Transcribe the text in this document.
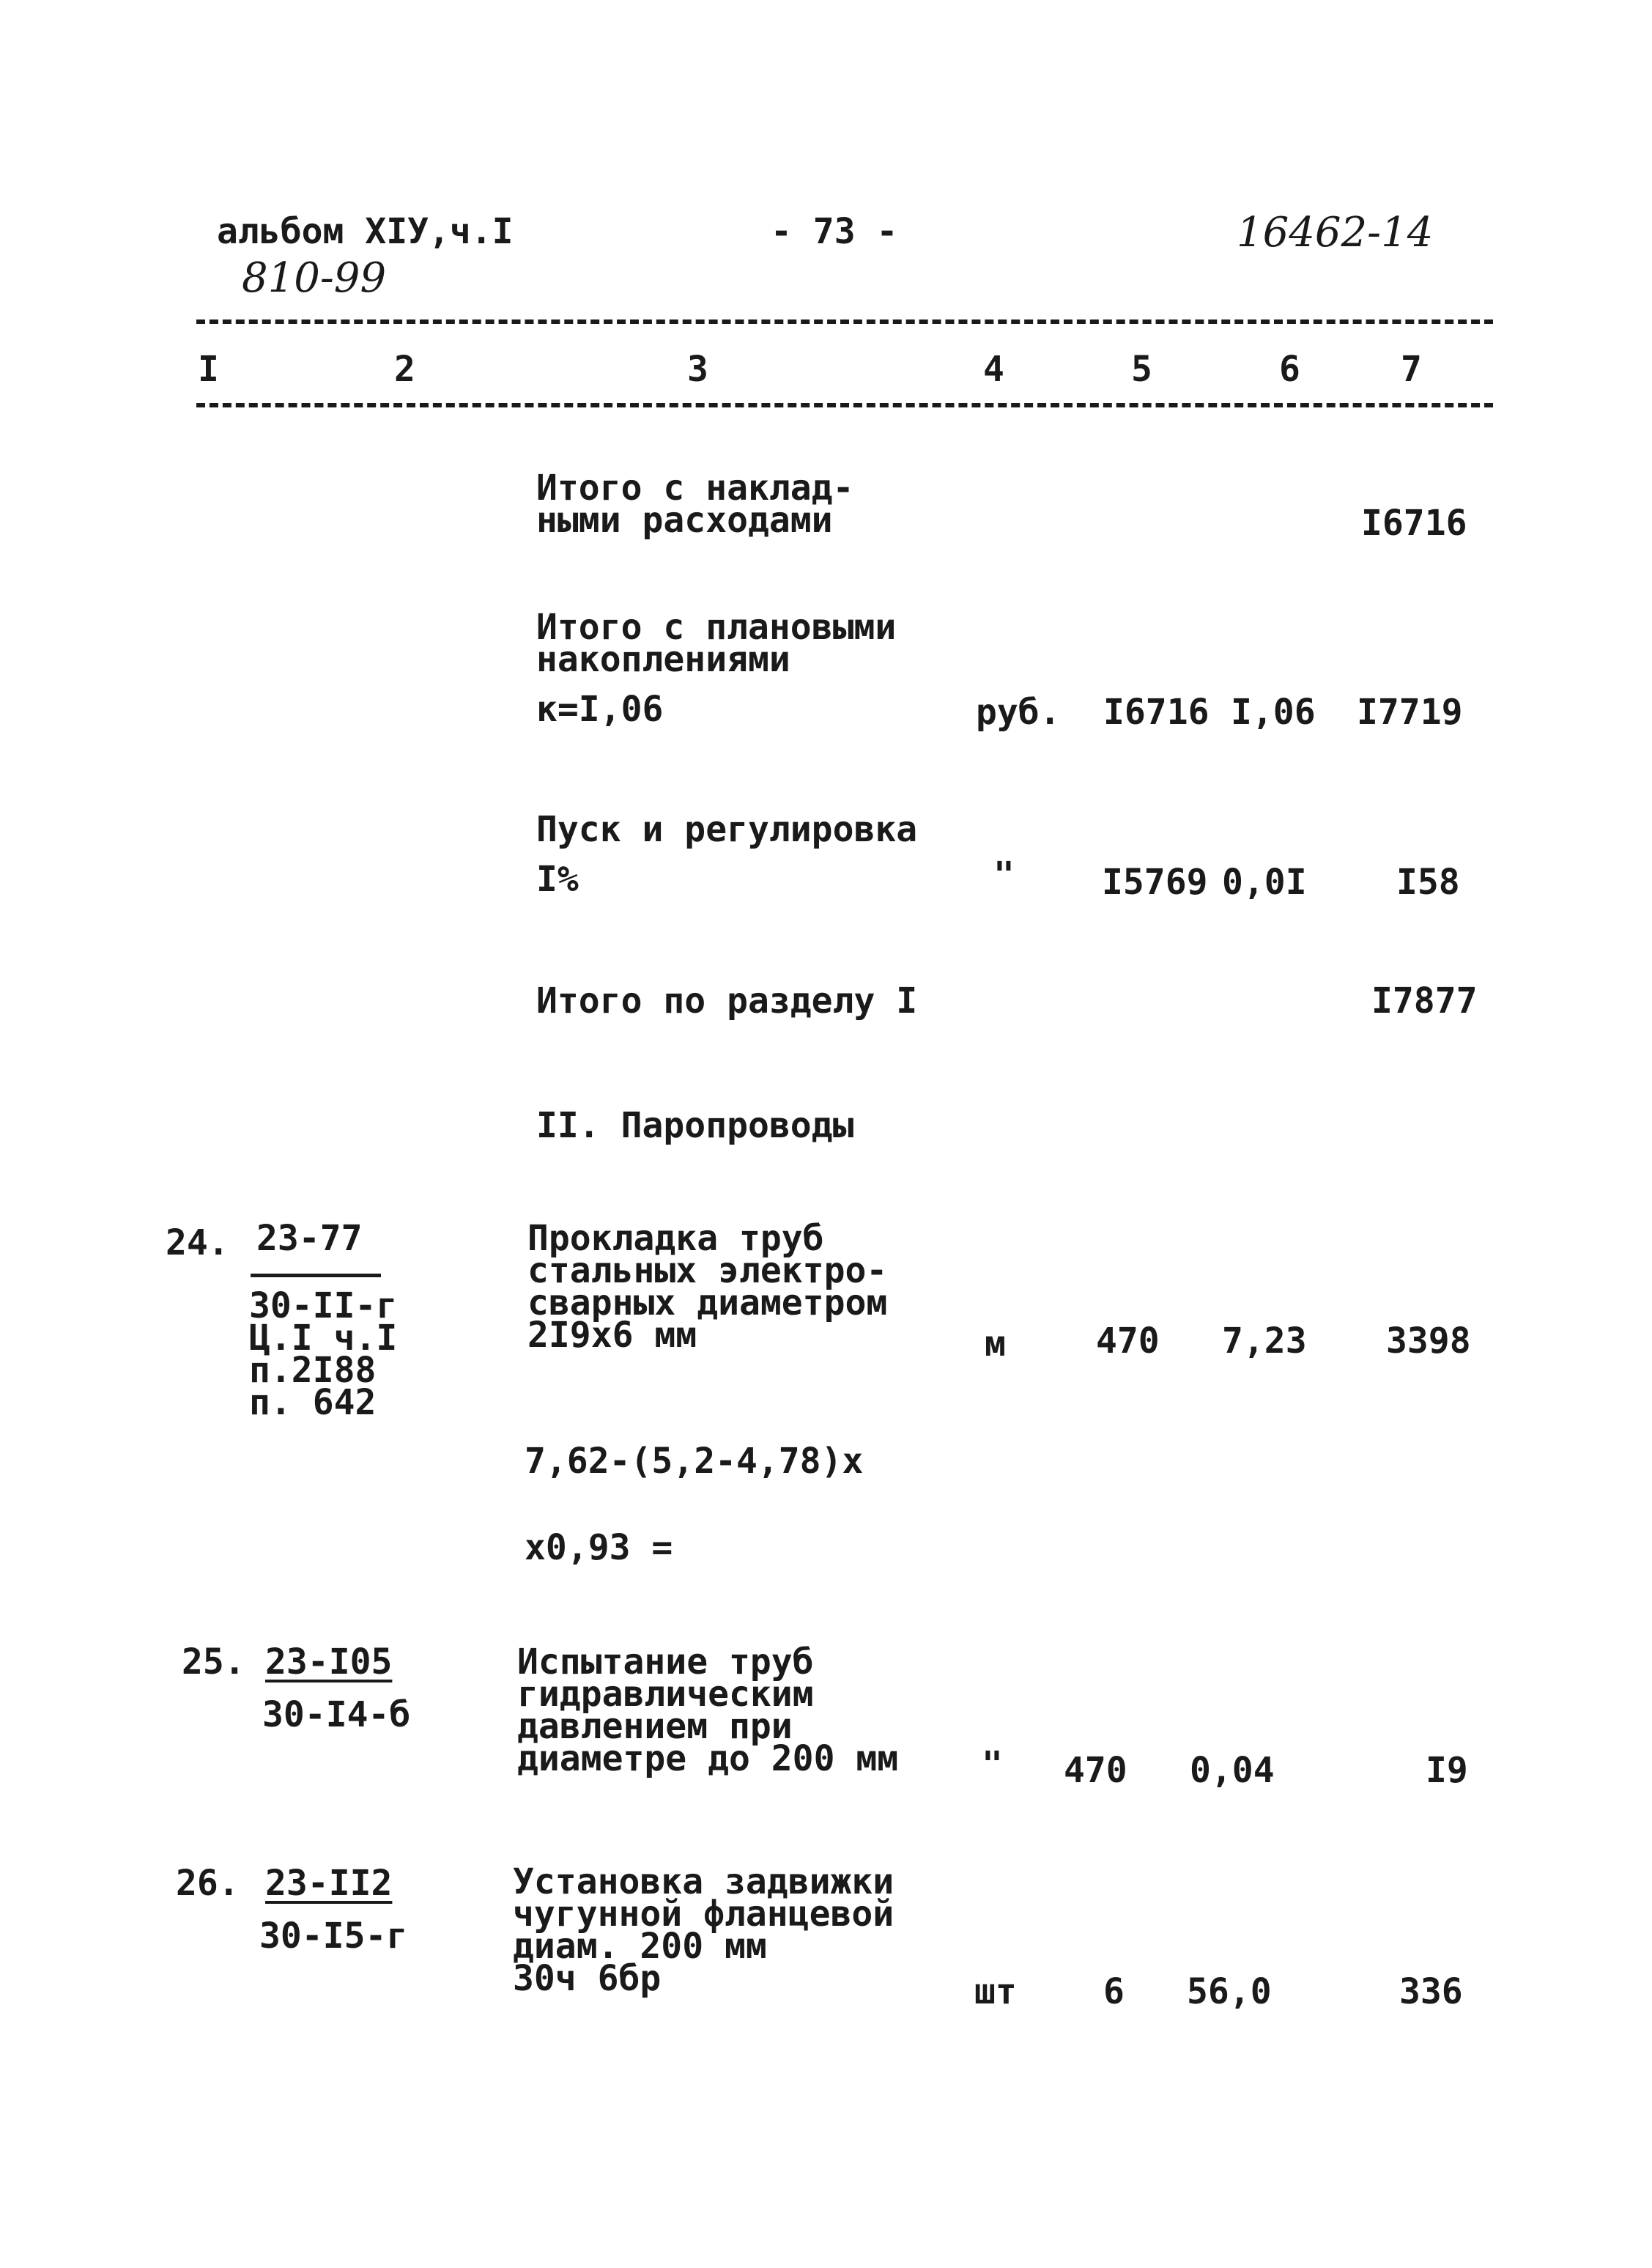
альбом XIУ,ч.I
810-99
- 73 -	16462-14
I	2	3	4	5	6	7
Итого с наклад-
ными расходами	I6716
Итого с плановыми
накоплениями
к=I,06	руб. I6716 I,06 I7719
Пуск и регулировка
I%	" I5769 0,0I	I58
Итого по разделу I	I7877
II. Паропроводы
24. 23-77
30-II-г
Ц.I ч.I
п.2I88
п. 642
Прокладка труб
стальных электро-
сварных диаметром
2I9х6 мм	м	470 7,23 3398
7,62-(5,2-4,78)х
х0,93 =
25. 23-I05
30-I4-б
Испытание труб
гидравлическим
давлением при
диаметре до 200 мм " 470 0,04	I9
26. 23-II2
30-I5-г
Установка задвижки
чугунной фланцевой
диам. 200 мм
30ч 6бр	шт 6 56,0	336
